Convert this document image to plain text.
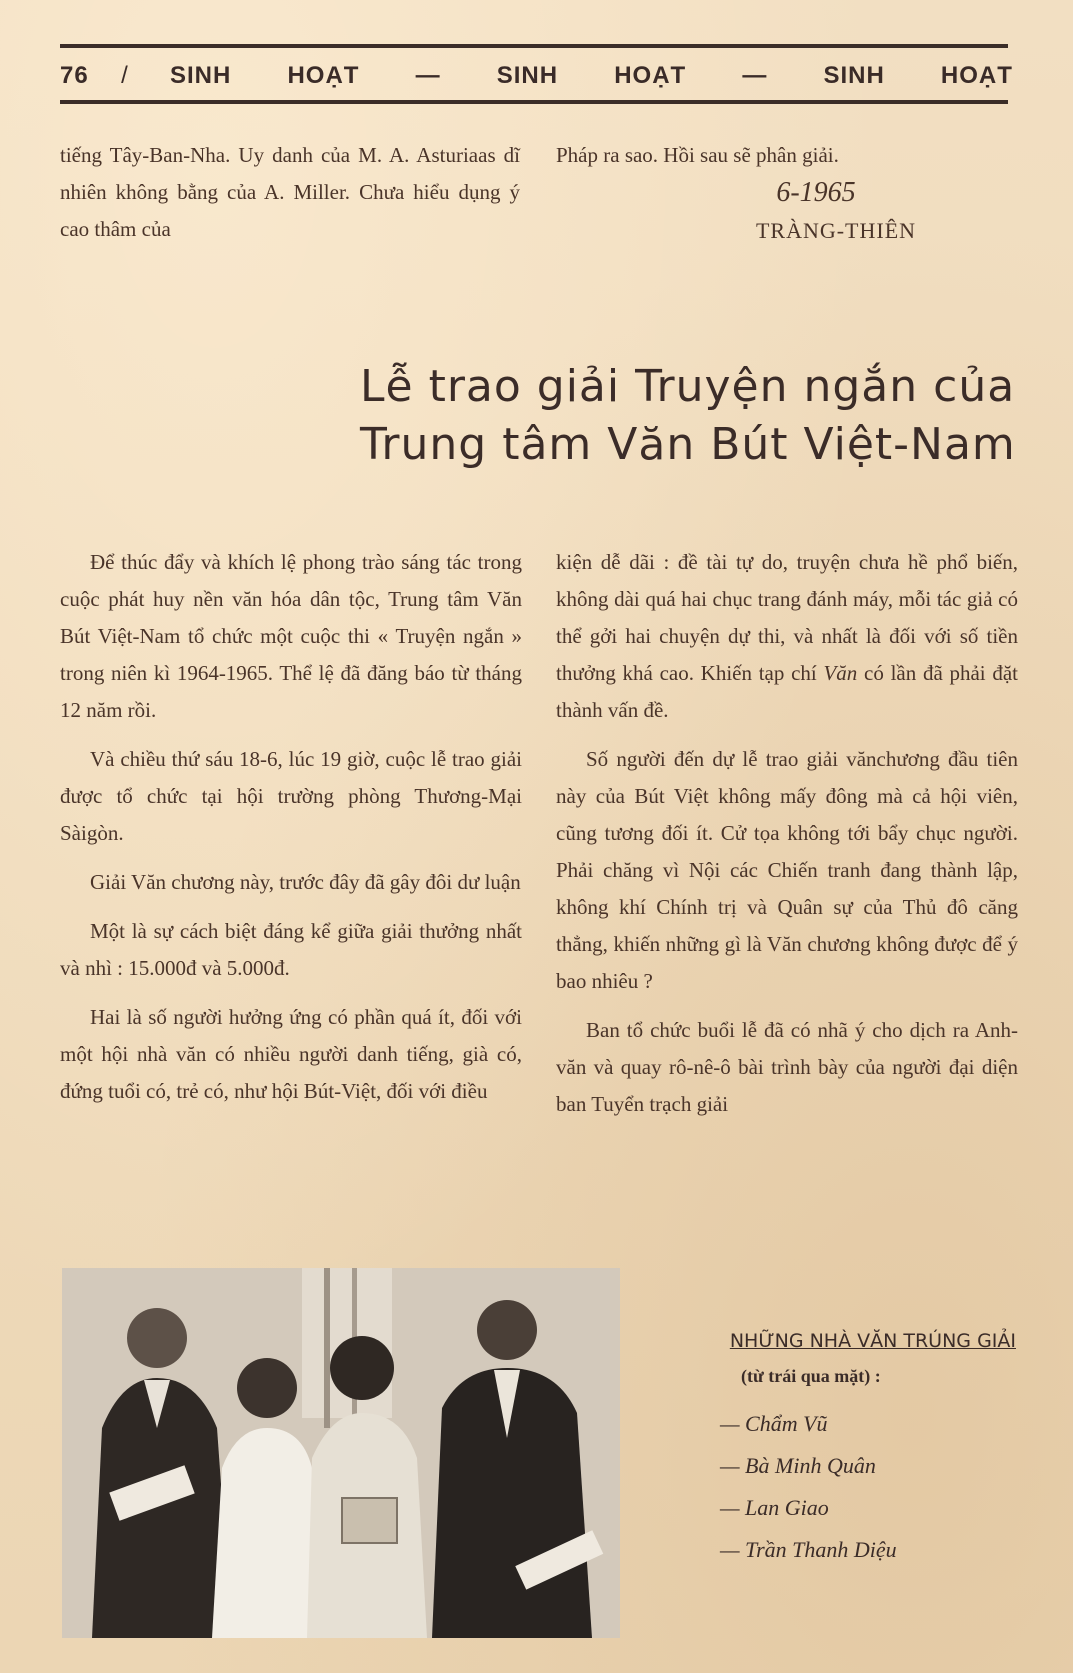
76	/	SINH HOẠT — SINH HOẠT — SINH HOẠT

tiếng Tây-Ban-Nha. Uy danh của M. A. Asturiaas dĩ nhiên không bằng của A. Miller. Chưa hiểu dụng ý cao thâm của

Pháp ra sao. Hồi sau sẽ phân giải.

6-1965
TRÀNG-THIÊN
Lễ trao giải Truyện ngắn của
Trung tâm Văn Bút Việt-Nam

Để thúc đẩy và khích lệ phong trào sáng tác trong cuộc phát huy nền văn hóa dân tộc, Trung tâm Văn Bút Việt-Nam tổ chức một cuộc thi « Truyện ngắn » trong niên kì 1964-1965. Thể lệ đã đăng báo từ tháng 12 năm rồi.

Và chiều thứ sáu 18-6, lúc 19 giờ, cuộc lễ trao giải được tổ chức tại hội trường phòng Thương-Mại Sàigòn.

Giải Văn chương này, trước đây đã gây đôi dư luận

Một là sự cách biệt đáng kể giữa giải thưởng nhất và nhì : 15.000đ và 5.000đ.

Hai là số người hưởng ứng có phần quá ít, đối với một hội nhà văn có nhiều người danh tiếng, già có, đứng tuổi có, trẻ có, như hội Bút-Việt, đối với điều

kiện dễ dãi : đề tài tự do, truyện chưa hề phổ biến, không dài quá hai chục trang đánh máy, mỗi tác giả có thể gởi hai chuyện dự thi, và nhất là đối với số tiền thưởng khá cao. Khiến tạp chí Văn có lần đã phải đặt thành vấn đề.

Số người đến dự lễ trao giải vănchương đầu tiên này của Bút Việt không mấy đông mà cả hội viên, cũng tương đối ít. Cử tọa không tới bẩy chục người. Phải chăng vì Nội các Chiến tranh đang thành lập, không khí Chính trị và Quân sự của Thủ đô căng thẳng, khiến những gì là Văn chương không được để ý bao nhiêu ?

Ban tổ chức buổi lễ đã có nhã ý cho dịch ra Anh-văn và quay rô-nê-ô bài trình bày của người đại diện ban Tuyển trạch giải

NHỮNG NHÀ VĂN TRÚNG GIẢI
(từ trái qua mặt) :
— Chẩm Vũ
— Bà Minh Quân
— Lan Giao
— Trần Thanh Diệu
